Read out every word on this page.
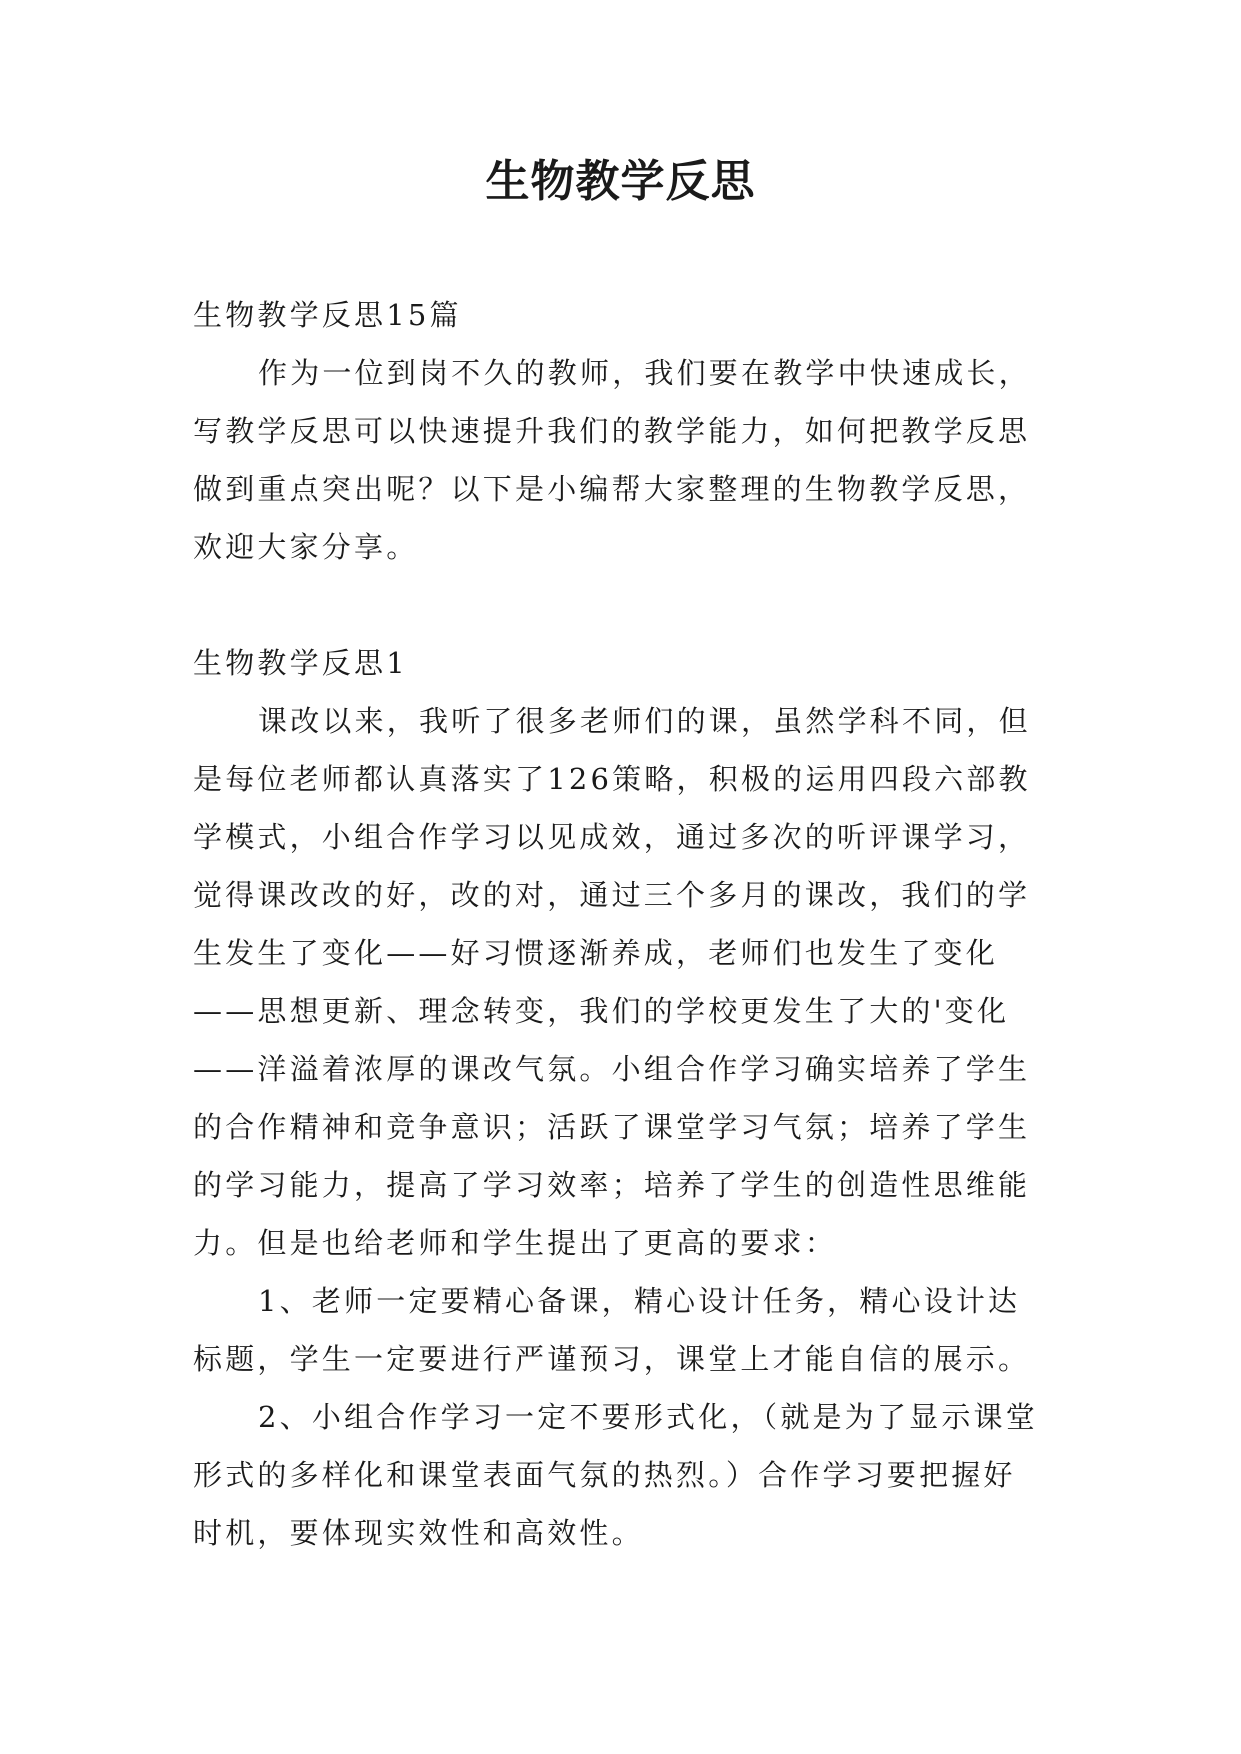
生物教学反思
生物教学反思15篇
作为一位到岗不久的教师，我们要在教学中快速成长，
写教学反思可以快速提升我们的教学能力，如何把教学反思
做到重点突出呢？以下是小编帮大家整理的生物教学反思，
欢迎大家分享。
生物教学反思1
课改以来，我听了很多老师们的课，虽然学科不同，但
是每位老师都认真落实了126策略，积极的运用四段六部教
学模式，小组合作学习以见成效，通过多次的听评课学习，
觉得课改改的好，改的对，通过三个多月的课改，我们的学
生发生了变化——好习惯逐渐养成，老师们也发生了变化
——思想更新、理念转变，我们的学校更发生了大的'变化
——洋溢着浓厚的课改气氛。小组合作学习确实培养了学生
的合作精神和竞争意识；活跃了课堂学习气氛；培养了学生
的学习能力，提高了学习效率；培养了学生的创造性思维能
力。但是也给老师和学生提出了更高的要求：
1、老师一定要精心备课，精心设计任务，精心设计达
标题，学生一定要进行严谨预习，课堂上才能自信的展示。
2、小组合作学习一定不要形式化，（就是为了显示课堂
形式的多样化和课堂表面气氛的热烈。）合作学习要把握好
时机，要体现实效性和高效性。
